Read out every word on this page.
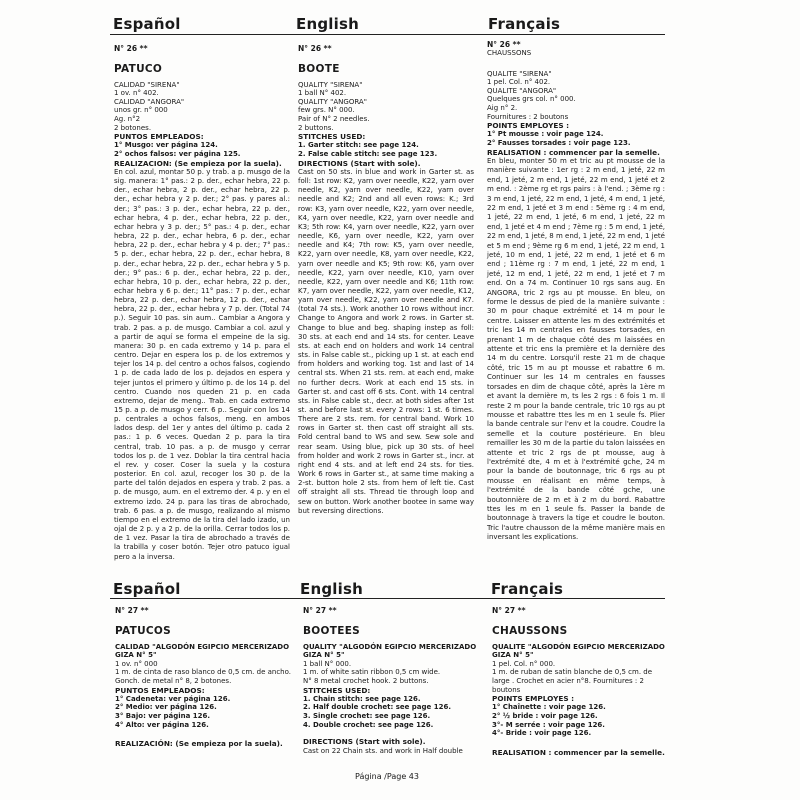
Español	English	Français

N° 26 **

PATUCO

CALIDAD "SIRENA"

1 ov. n° 402.

CALIDAD "ANGORA"

unos gr. n° 000

Ag. n°2

2 botones.

PUNTOS EMPLEADOS:

1° Musgo: ver página 124.

2° ochos falsos: ver página 125.

REALIZACION: (Se empieza por la suela).

En col. azul, montar 50 p. y trab. a p. musgo de la sig. manera: 1° pas.: 2 p. der., echar hebra, 22 p. der., echar hebra, 2 p. der., echar hebra, 22 p. der., echar hebra y 2 p. der.; 2° pas. y pares al.: der.; 3° pas.: 3 p. der., echar hebra, 22 p. der., echar hebra, 4 p. der., echar hebra, 22 p. der., echar hebra y 3 p. der.; 5° pas.: 4 p. der., echar hebra, 22 p. der., echar hebra, 6 p. der., echar hebra, 22 p. der., echar hebra y 4 p. der.; 7° pas.: 5 p. der., echar hebra, 22 p. der., echar hebra, 8 p. der., echar hebra, 22 p. der., echar hebra y 5 p. der.; 9° pas.: 6 p. der., echar hebra, 22 p. der., echar hebra, 10 p. der., echar hebra, 22 p. der., echar hebra y 6 p. der.; 11° pas.: 7 p. der., echar hebra, 22 p. der., echar hebra, 12 p. der., echar hebra, 22 p. der., echar hebra y 7 p. der. (Total 74 p.). Seguir 10 pas. sin aum.. Cambiar a Angora y trab. 2 pas. a p. de musgo. Cambiar a col. azul y a partir de aquí se forma el empeine de la sig. manera: 30 p. en cada extremo y 14 p. para el centro. Dejar en espera los p. de los extremos y tejer los 14 p. del centro a ochos falsos, cogiendo 1 p. de cada lado de los p. dejados en espera y tejer juntos el primero y último p. de los 14 p. del centro. Cuando nos queden 21 p. en cada extremo, dejar de meng.. Trab. en cada extremo 15 p. a p. de musgo y cerr. 6 p.. Seguir con los 14 p. centrales a ochos falsos, meng. en ambos lados desp. del 1er y antes del último p. cada 2 pas.: 1 p. 6 veces. Quedan 2 p. para la tira central, trab. 10 pas. a p. de musgo y cerrar todos los p. de 1 vez. Doblar la tira central hacia el rev. y coser. Coser la suela y la costura posterior. En col. azul, recoger los 30 p. de la parte del talón dejados en espera y trab. 2 pas. a p. de musgo, aum. en el extremo der. 4 p. y en el extremo izdo. 24 p. para las tiras de abrochado, trab. 6 pas. a p. de musgo, realizando al mismo tiempo en el extremo de la tira del lado izado, un ojal de 2 p. y a 2 p. de la orilla. Cerrar todos los p. de 1 vez. Pasar la tira de abrochado a través de la trabilla y coser botón. Tejer otro patuco igual pero a la inversa.

N° 26 **

BOOTE

QUALITY "SIRENA"

1 ball N° 402.

QUALITY "ANGORA"

few grs. N° 000.

Pair of N° 2 needles.

2 buttons.

STITCHES USED:

1. Garter stitch: see page 124.

2. False cable stitch: see page 123.

DIRECTIONS (Start with sole).

Cast on 50 sts. in blue and work in Garter st. as foll: 1st row: K2, yarn over needle, K22, yarn over needle, K2, yarn over needle, K22, yarn over needle and K2; 2nd and all even rows: K.; 3rd row: K3, yarn over needle, K22, yarn over needle, K4, yarn over needle, K22, yarn over needle and K3; 5th row: K4, yarn over needle, K22, yarn over needle, K6, yarn over needle, K22, yarn over needle and K4; 7th row: K5, yarn over needle, K22, yarn over needle, K8, yarn over needle, K22, yarn over needle and K5; 9th row: K6, yarn over needle, K22, yarn over needle, K10, yarn over needle, K22, yarn over needle and K6; 11th row: K7, yarn over needle, K22, yarn over needle, K12, yarn over needle, K22, yarn over needle and K7. (total 74 sts.). Work another 10 rows without incr. Change to Angora and work 2 rows. in Garter st. Change to blue and beg. shaping instep as foll: 30 sts. at each end and 14 sts. for center. Leave sts. at each end on holders and work 14 central sts. in False cable st., picking up 1 st. at each end from holders and working tog. 1st and last of 14 central sts. When 21 sts. rem. at each end, make no further decrs. Work at each end 15 sts. in Garter st. and cast off 6 sts. Cont. with 14 central sts. in False cable st., decr. at both sides after 1st st. and before last st. every 2 rows: 1 st. 6 times. There are 2 sts. rem. for central band. Work 10 rows in Garter st. then cast off straight all sts. Fold central band to WS and sew. Sew sole and rear seam. Using blue, pick up 30 sts. of heel from holder and work 2 rows in Garter st., incr. at right end 4 sts. and at left end 24 sts. for ties. Work 6 rows in Garter st., at same time making a 2-st. button hole 2 sts. from hem of left tie. Cast off straight all sts. Thread tie through loop and sew on button. Work another bootee in same way but reversing directions.

N° 26 **

CHAUSSONS

QUALITE "SIRENA"

1 pel. Col. n° 402.

QUALITE "ANGORA"

Quelques grs col. n° 000.

Aig n° 2.

Fournitures : 2 boutons

POINTS EMPLOYES :

1° Pt mousse : voir page 124.

2° Fausses torsades : voir page 123.

REALISATION : commencer par la semelle.

En bleu, monter 50 m et tric au pt mousse de la manière suivante : 1er rg : 2 m end, 1 jeté, 22 m end, 1 jeté, 2 m end, 1 jeté, 22 m end, 1 jeté et 2 m end. : 2ème rg et rgs pairs : à l'end. ; 3ème rg : 3 m end, 1 jeté, 22 m end, 1 jeté, 4 m end, 1 jeté, 22 m end, 1 jeté et 3 m end : 5ème rg : 4 m end, 1 jeté, 22 m end, 1 jeté, 6 m end, 1 jeté, 22 m end, 1 jeté et 4 m end ; 7ème rg : 5 m end, 1 jeté, 22 m end, 1 jeté, 8 m end, 1 jeté, 22 m end, 1 jeté et 5 m end ; 9ème rg 6 m end, 1 jeté, 22 m end, 1 jeté, 10 m end, 1 jeté, 22 m end, 1 jeté et 6 m end ; 11ème rg : 7 m end, 1 jeté, 22 m end, 1 jeté, 12 m end, 1 jeté, 22 m end, 1 jeté et 7 m end. On a 74 m. Continuer 10 rgs sans aug. En ANGORA, tric 2 rgs au pt mousse. En bleu, on forme le dessus de pied de la manière suivante : 30 m pour chaque extrémité et 14 m pour le centre. Laisser en attente les m des extrémités et tric les 14 m centrales en fausses torsades, en prenant 1 m de chaque côté des m laissées en attente et tric ens la première et la dernière des 14 m du centre. Lorsqu'il reste 21 m de chaque côté, tric 15 m au pt mousse et rabattre 6 m. Continuer sur les 14 m centrales en fausses torsades en dim de chaque côté, après la 1ère m et avant la dernière m, ts les 2 rgs : 6 fois 1 m. Il reste 2 m pour la bande centrale, tric 10 rgs au pt mousse et rabattre ttes les m en 1 seule fs. Plier la bande centrale sur l'env et la coudre. Coudre la semelle et la couture postérieure. En bleu remailler les 30 m de la partie du talon laissées en attente et tric 2 rgs de pt mousse, aug à l'extrémité dte, 4 m et à l'extrémité gche, 24 m pour la bande de boutonnage, tric 6 rgs au pt mousse en réalisant en même temps, à l'extrémité de la bande côté gche, une boutonnière de 2 m et à 2 m du bord. Rabattre ttes les m en 1 seule fs. Passer la bande de boutonnage à travers la tige et coudre le bouton. Tric l'autre chausson de la même manière mais en inversant les explications.

Español	English	Français

N° 27 **

PATUCOS

CALIDAD "ALGODÓN EGIPCIO MERCERIZADO GIZA N° 5"

1 ov. n° 000

1 m. de cinta de raso blanco de 0,5 cm. de ancho.

Gonch. de metal n° 8, 2 botones.

PUNTOS EMPLEADOS:

1° Cadeneta: ver página 126.

2° Medio: ver página 126.

3° Bajo: ver página 126.

4° Alto: ver página 126.

REALIZACIÓN: (Se empieza por la suela).

N° 27 **

BOOTEES

QUALITY "ALGODÓN EGIPCIO MERCERIZADO GIZA N° 5"

1 ball N° 000.

1 m. of white satin ribbon 0,5 cm wide.

N° 8 metal crochet hook. 2 buttons.

STITCHES USED:

1. Chain stitch: see page 126.

2. Half double crochet: see page 126.

3. Single crochet: see page 126.

4. Double crochet: see page 126.

DIRECTIONS (Start with sole).

Cast on 22 Chain sts. and work in Half double

N° 27 **

CHAUSSONS

QUALITE "ALGODÓN EGIPCIO MERCERIZADO GIZA N° 5"

1 pel. Col. n° 000.

1 m. de ruban de satin blanche de 0,5 cm. de large . Crochet en acier n°8. Fournitures : 2 boutons

POINTS EMPLOYES :

1° Chaînette : voir page 126.

2° ½ bride : voir page 126.

3°- M serrée : voir page 126.

4°- Bride : voir page 126.

REALISATION : commencer par la semelle.

Página /Page 43
